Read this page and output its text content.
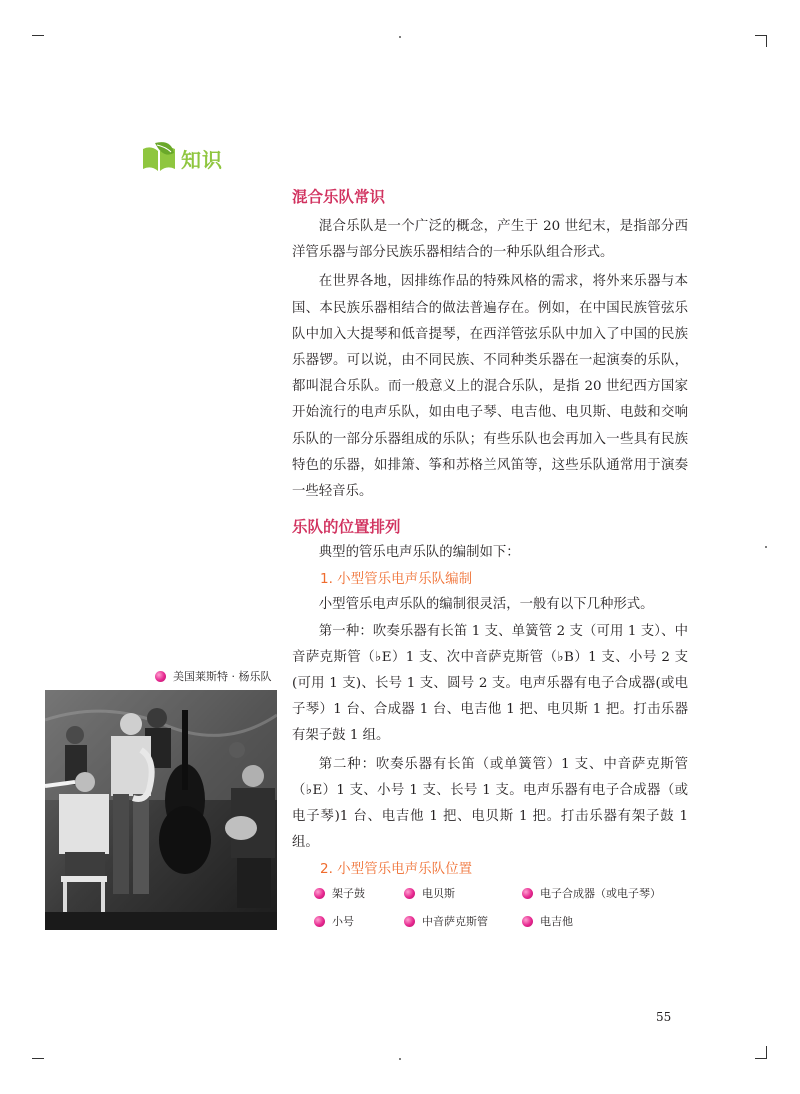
知识
混合乐队常识

混合乐队是一个广泛的概念，产生于 20 世纪末，是指部分西洋管乐器与部分民族乐器相结合的一种乐队组合形式。

在世界各地，因排练作品的特殊风格的需求，将外来乐器与本国、本民族乐器相结合的做法普遍存在。例如，在中国民族管弦乐队中加入大提琴和低音提琴，在西洋管弦乐队中加入了中国的民族乐器锣。可以说，由不同民族、不同种类乐器在一起演奏的乐队，都叫混合乐队。而一般意义上的混合乐队，是指 20 世纪西方国家开始流行的电声乐队，如由电子琴、电吉他、电贝斯、电鼓和交响乐队的一部分乐器组成的乐队；有些乐队也会再加入一些具有民族特色的乐器，如排箫、筝和苏格兰风笛等，这些乐队通常用于演奏一些轻音乐。

乐队的位置排列

典型的管乐电声乐队的编制如下：

1. 小型管乐电声乐队编制

小型管乐电声乐队的编制很灵活，一般有以下几种形式。

第一种：吹奏乐器有长笛 1 支、单簧管 2 支（可用 1 支）、中音萨克斯管（♭E）1 支、次中音萨克斯管（♭B）1 支、小号 2 支(可用 1 支)、长号 1 支、圆号 2 支。电声乐器有电子合成器(或电子琴）1 台、合成器 1 台、电吉他 1 把、电贝斯 1 把。打击乐器有架子鼓 1 组。

第二种：吹奏乐器有长笛（或单簧管）1 支、中音萨克斯管（♭E）1 支、小号 1 支、长号 1 支。电声乐器有电子合成器（或电子琴)1 台、电吉他 1 把、电贝斯 1 把。打击乐器有架子鼓 1 组。

2. 小型管乐电声乐队位置

美国莱斯特 · 杨乐队
架子鼓	电贝斯	电子合成器（或电子琴）
小号	中音萨克斯管	电吉他
55
